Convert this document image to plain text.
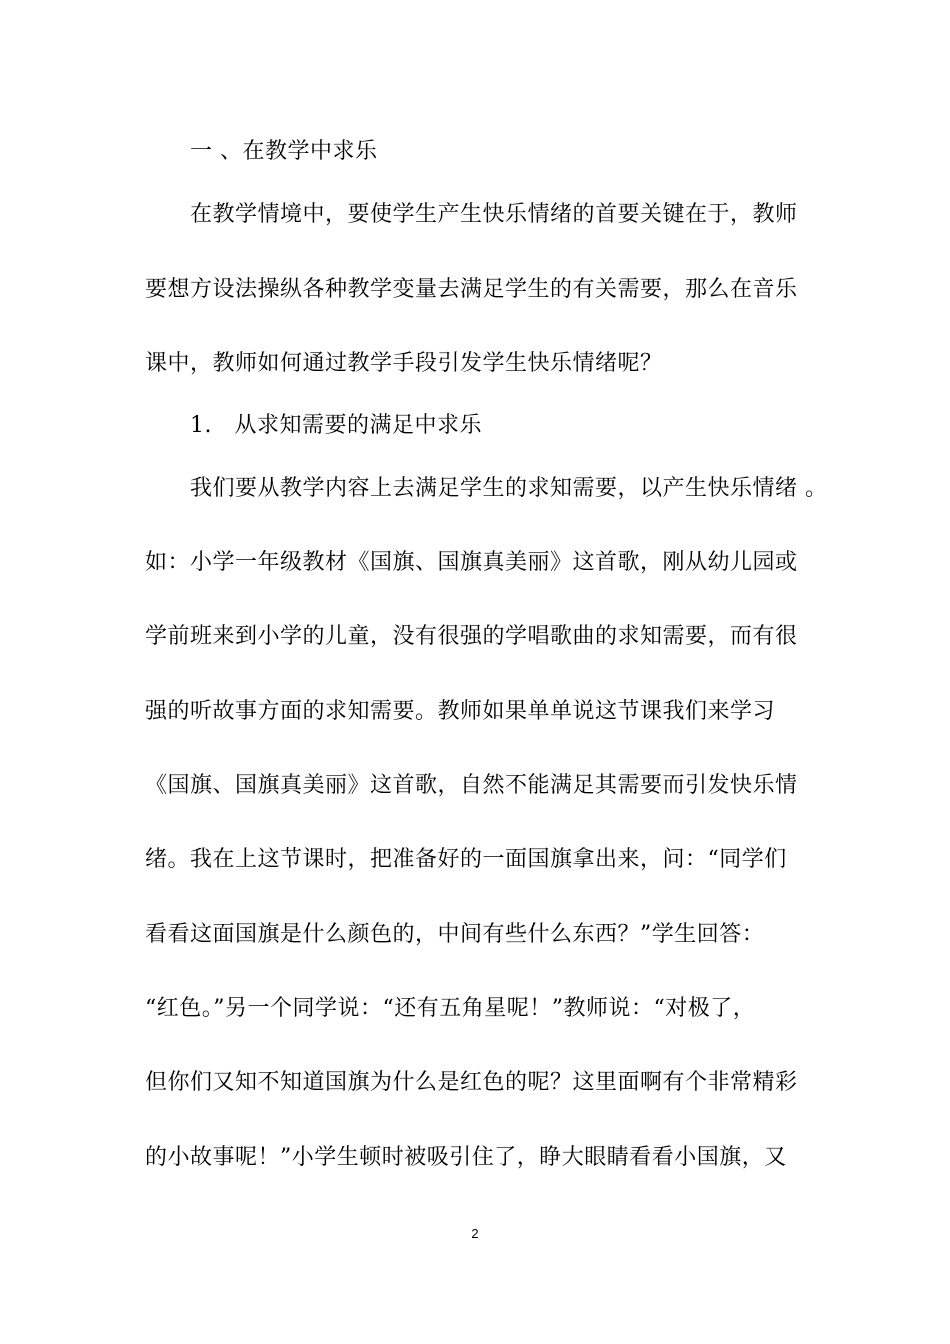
一 、在教学中求乐
在教学情境中，要使学生产生快乐情绪的首要关键在于，教师
要想方设法操纵各种教学变量去满足学生的有关需要，那么在音乐
课中，教师如何通过教学手段引发学生快乐情绪呢？
1.　从求知需要的满足中求乐
我们要从教学内容上去满足学生的求知需要，以产生快乐情绪 。
如：小学一年级教材《国旗、国旗真美丽》这首歌，刚从幼儿园或
学前班来到小学的儿童，没有很强的学唱歌曲的求知需要，而有很
强的听故事方面的求知需要。教师如果单单说这节课我们来学习
《国旗、国旗真美丽》这首歌，自然不能满足其需要而引发快乐情
绪。我在上这节课时，把准备好的一面国旗拿出来，问：“同学们
看看这面国旗是什么颜色的，中间有些什么东西？”学生回答：
“红色。”另一个同学说：“还有五角星呢！”教师说：“对极了，
但你们又知不知道国旗为什么是红色的呢？这里面啊有个非常精彩
的小故事呢！”小学生顿时被吸引住了，睁大眼睛看看小国旗，又
2
